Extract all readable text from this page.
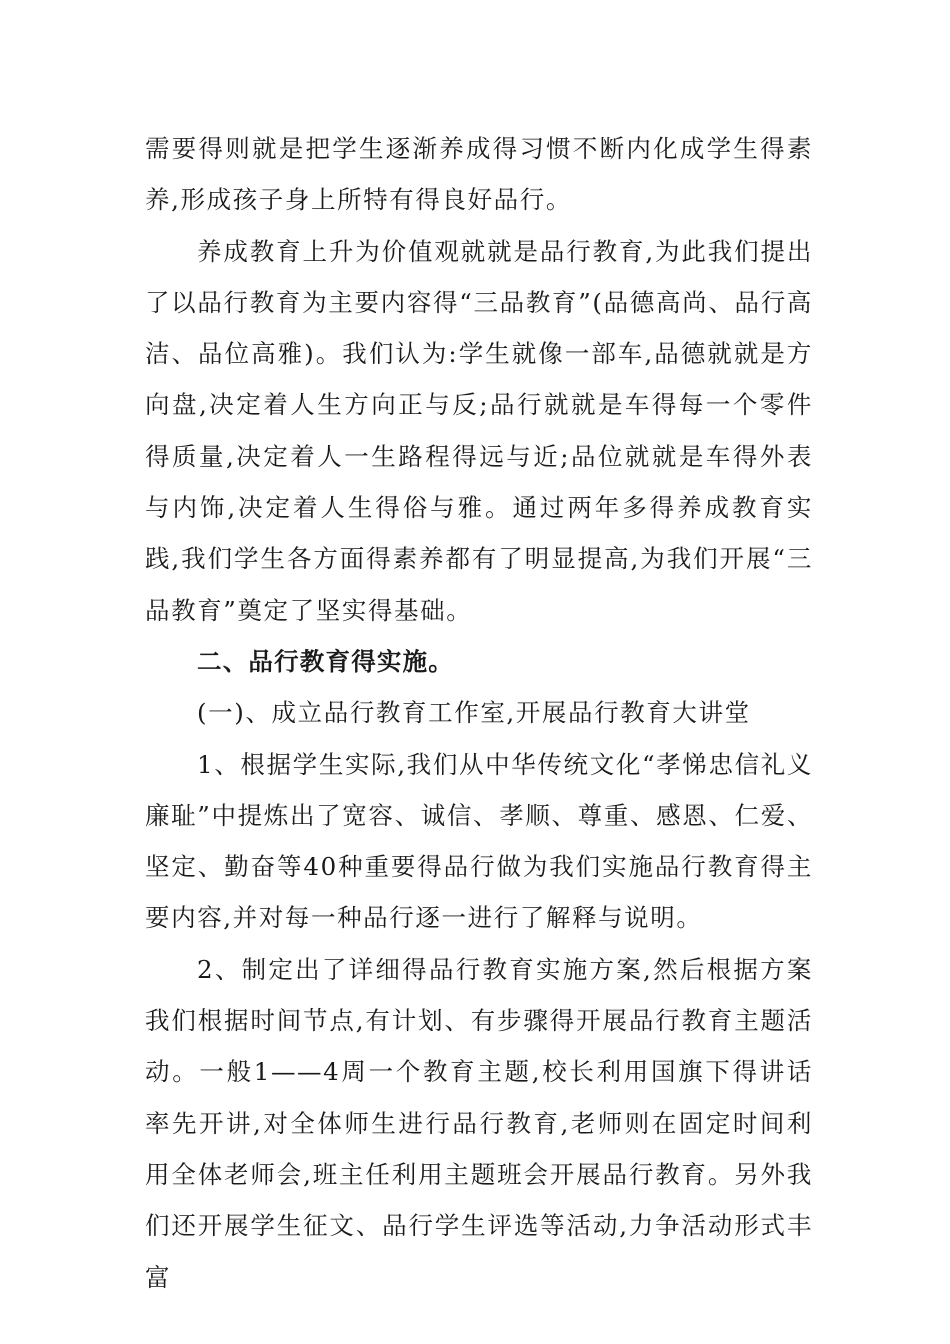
需要得则就是把学生逐渐养成得习惯不断内化成学生得素养,形成孩子身上所特有得良好品行。

养成教育上升为价值观就就是品行教育,为此我们提出了以品行教育为主要内容得“三品教育”(品德高尚、品行高洁、品位高雅)。我们认为:学生就像一部车,品德就就是方向盘,决定着人生方向正与反;品行就就是车得每一个零件得质量,决定着人一生路程得远与近;品位就就是车得外表与内饰,决定着人生得俗与雅。通过两年多得养成教育实践,我们学生各方面得素养都有了明显提高,为我们开展“三品教育”奠定了坚实得基础。

二、品行教育得实施。

(一)、成立品行教育工作室,开展品行教育大讲堂

1、根据学生实际,我们从中华传统文化“孝悌忠信礼义廉耻”中提炼出了宽容、诚信、孝顺、尊重、感恩、仁爱、坚定、勤奋等40种重要得品行做为我们实施品行教育得主要内容,并对每一种品行逐一进行了解释与说明。

2、制定出了详细得品行教育实施方案,然后根据方案我们根据时间节点,有计划、有步骤得开展品行教育主题活动。一般1——4周一个教育主题,校长利用国旗下得讲话率先开讲,对全体师生进行品行教育,老师则在固定时间利用全体老师会,班主任利用主题班会开展品行教育。另外我们还开展学生征文、品行学生评选等活动,力争活动形式丰富
